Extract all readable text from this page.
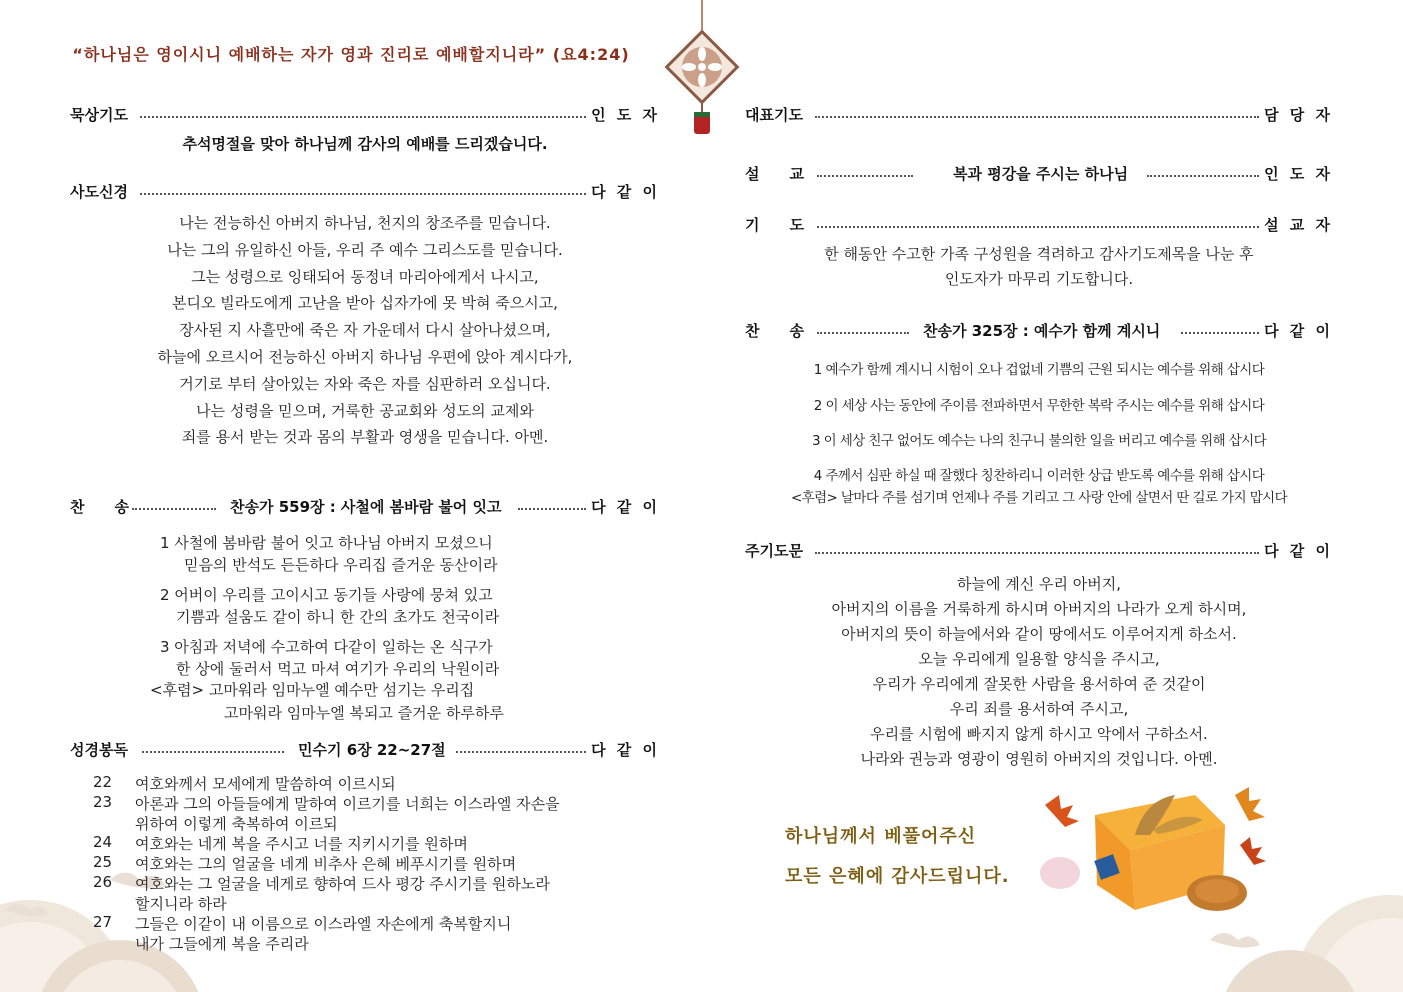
“하나님은 영이시니 예배하는 자가 영과 진리로 예배할지니라” (요4:24)
묵상기도	인 도 자
추석명절을 맞아 하나님께 감사의 예배를 드리겠습니다.
사도신경	다 같 이
나는 전능하신 아버지 하나님, 천지의 창조주를 믿습니다.
나는 그의 유일하신 아들, 우리 주 예수 그리스도를 믿습니다.
그는 성령으로 잉태되어 동정녀 마리아에게서 나시고,
본디오 빌라도에게 고난을 받아 십자가에 못 박혀 죽으시고,
장사된 지 사흘만에 죽은 자 가운데서 다시 살아나셨으며,
하늘에 오르시어 전능하신 아버지 하나님 우편에 앉아 계시다가,
거기로 부터 살아있는 자와 죽은 자를 심판하러 오십니다.
나는 성령을 믿으며, 거룩한 공교회와 성도의 교제와
죄를 용서 받는 것과 몸의 부활과 영생을 믿습니다. 아멘.
찬　　송	찬송가 559장 : 사철에 봄바람 불어 잇고	다 같 이
1 사철에 봄바람 불어 잇고 하나님 아버지 모셨으니
믿음의 반석도 든든하다 우리집 즐거운 동산이라
2 어버이 우리를 고이시고 동기들 사랑에 뭉쳐 있고
기쁨과 설움도 같이 하니 한 간의 초가도 천국이라
3 아침과 저녁에 수고하여 다같이 일하는 온 식구가
한 상에 둘러서 먹고 마셔 여기가 우리의 낙원이라
<후렴> 고마워라 임마누엘 예수만 섬기는 우리집
고마워라 임마누엘 복되고 즐거운 하루하루
성경봉독	민수기 6장 22~27절	다 같 이
22 여호와께서 모세에게 말씀하여 이르시되
23 아론과 그의 아들들에게 말하여 이르기를 너희는 이스라엘 자손을
위하여 이렇게 축복하여 이르되
24 여호와는 네게 복을 주시고 너를 지키시기를 원하며
25 여호와는 그의 얼굴을 네게 비추사 은혜 베푸시기를 원하며
26 여호와는 그 얼굴을 네게로 향하여 드사 평강 주시기를 원하노라
할지니라 하라
27 그들은 이같이 내 이름으로 이스라엘 자손에게 축복할지니
내가 그들에게 복을 주리라
대표기도	담 당 자
설　　교	복과 평강을 주시는 하나님	인 도 자
기　　도	설 교 자
한 해동안 수고한 가족 구성원을 격려하고 감사기도제목을 나눈 후
인도자가 마무리 기도합니다.
찬　　송	찬송가 325장 : 예수가 함께 계시니	다 같 이
1 예수가 함께 계시니 시험이 오나 겁없네 기쁨의 근원 되시는 예수를 위해 삽시다
2 이 세상 사는 동안에 주이름 전파하면서 무한한 복락 주시는 예수를 위해 삽시다
3 이 세상 친구 없어도 예수는 나의 친구니 불의한 일을 버리고 예수를 위해 삽시다
4 주께서 심판 하실 때 잘했다 칭찬하리니 이러한 상급 받도록 예수를 위해 삽시다
<후렴> 날마다 주를 섬기며 언제나 주를 기리고 그 사랑 안에 살면서 딴 길로 가지 맙시다
주기도문	다 같 이
하늘에 계신 우리 아버지,
아버지의 이름을 거룩하게 하시며 아버지의 나라가 오게 하시며,
아버지의 뜻이 하늘에서와 같이 땅에서도 이루어지게 하소서.
오늘 우리에게 일용할 양식을 주시고,
우리가 우리에게 잘못한 사람을 용서하여 준 것같이
우리 죄를 용서하여 주시고,
우리를 시험에 빠지지 않게 하시고 악에서 구하소서.
나라와 권능과 영광이 영원히 아버지의 것입니다. 아멘.
하나님께서 베풀어주신
모든 은혜에 감사드립니다.
